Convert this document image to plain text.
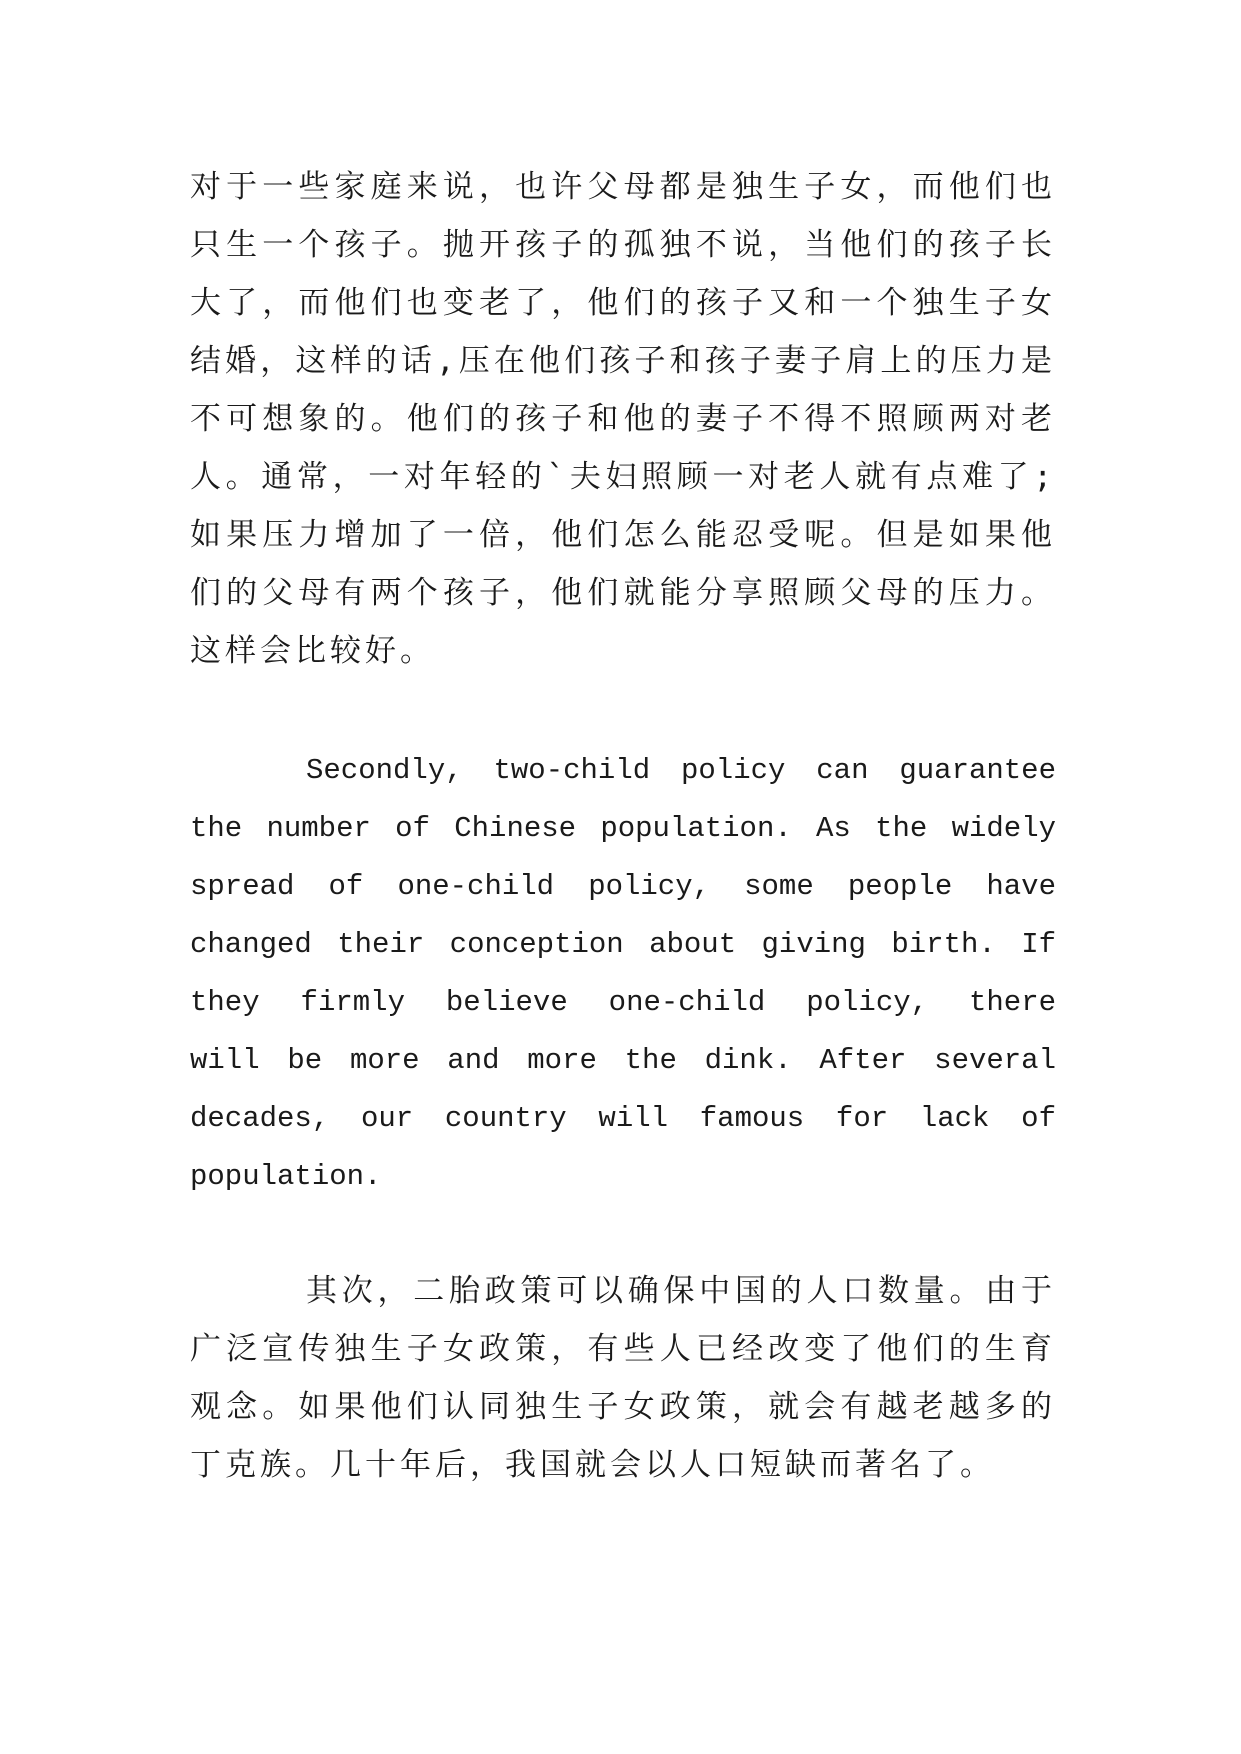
对于一些家庭来说，也许父母都是独生子女，而他们也只生一个孩子。抛开孩子的孤独不说，当他们的孩子长大了，而他们也变老了，他们的孩子又和一个独生子女结婚，这样的话,压在他们孩子和孩子妻子肩上的压力是不可想象的。他们的孩子和他的妻子不得不照顾两对老人。通常，一对年轻的`夫妇照顾一对老人就有点难了;如果压力增加了一倍，他们怎么能忍受呢。但是如果他们的父母有两个孩子，他们就能分享照顾父母的压力。这样会比较好。

Secondly, two-child policy can guarantee the number of Chinese population. As the widely spread of one-child policy, some people have changed their conception about giving birth. If they firmly believe one-child policy, there will be more and more the dink. After several decades, our country will famous for lack of population.

其次，二胎政策可以确保中国的人口数量。由于广泛宣传独生子女政策，有些人已经改变了他们的生育观念。如果他们认同独生子女政策，就会有越老越多的丁克族。几十年后，我国就会以人口短缺而著名了。
